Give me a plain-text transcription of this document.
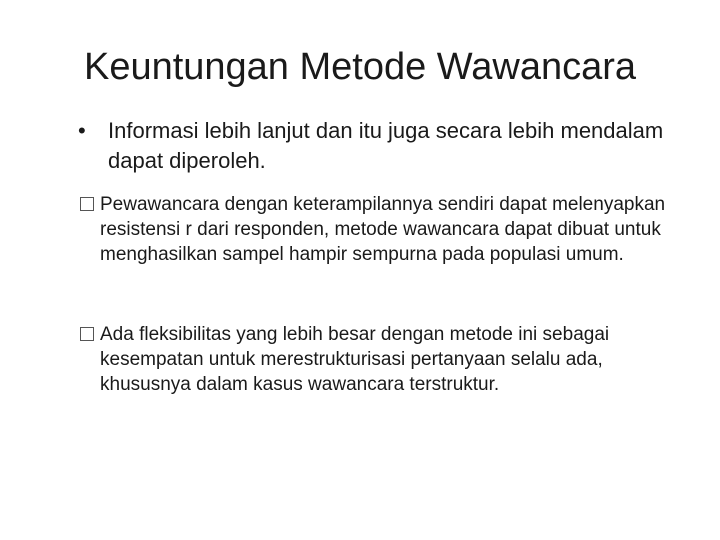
Keuntungan Metode Wawancara
•	Informasi lebih lanjut dan itu juga secara lebih mendalam dapat diperoleh.
Pewawancara dengan keterampilannya sendiri dapat melenyapkan resistensi r dari responden, metode wawancara dapat dibuat untuk menghasilkan sampel hampir sempurna pada populasi umum.
Ada fleksibilitas yang lebih besar dengan metode ini sebagai kesempatan untuk merestrukturisasi pertanyaan selalu ada, khususnya dalam kasus wawancara terstruktur.
